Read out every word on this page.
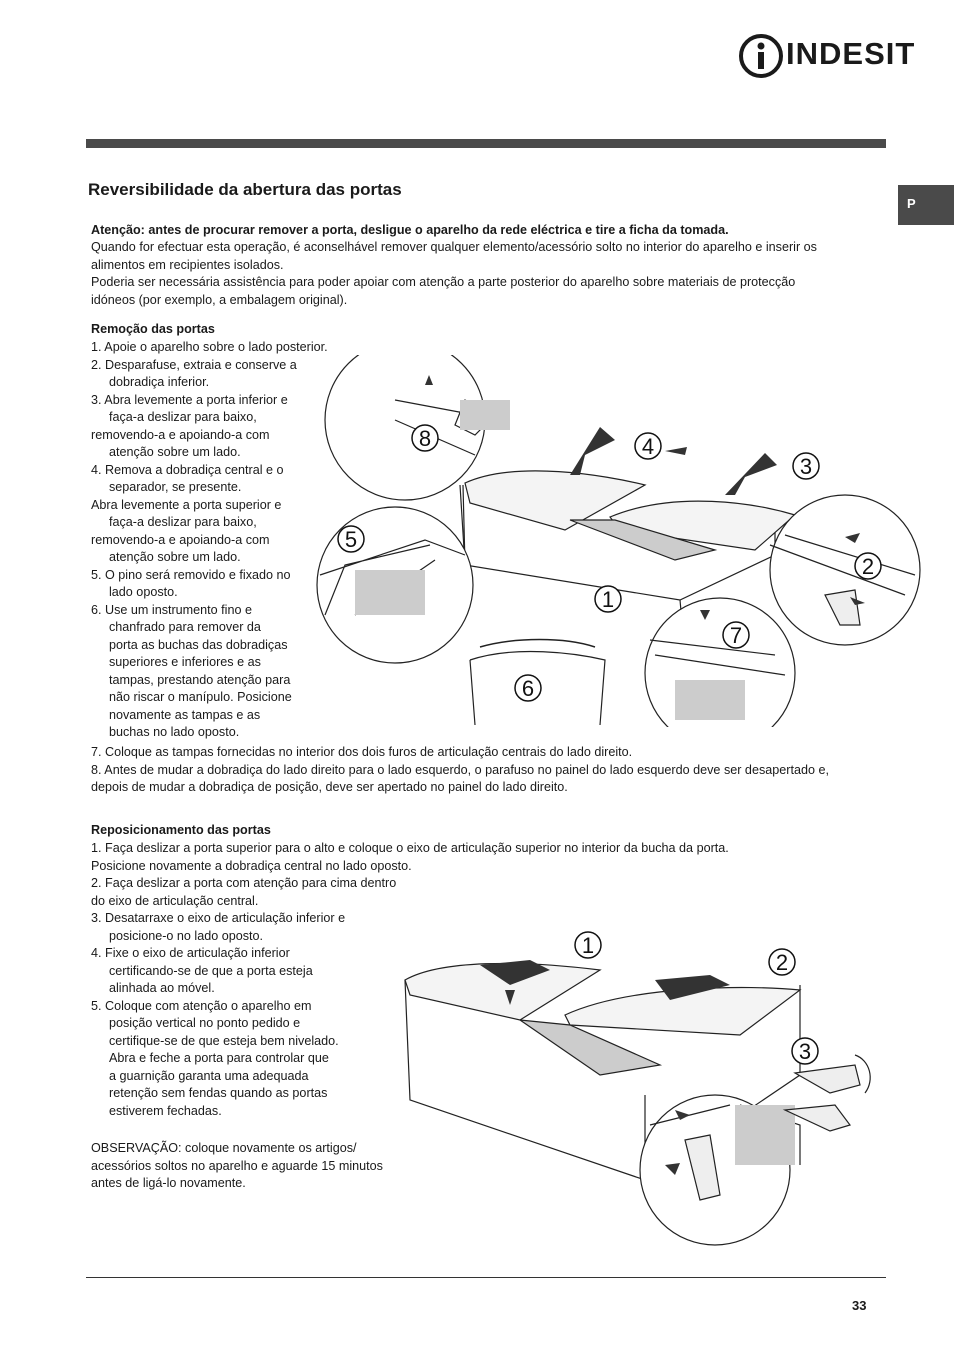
INDESIT
P
Reversibilidade da abertura das portas
Atenção: antes de procurar remover a porta, desligue o aparelho da rede eléctrica e tire a ficha da tomada.
Quando for efectuar esta operação, é aconselhável remover qualquer elemento/acessório solto no interior do aparelho e inserir os
alimentos em recipientes isolados.
Poderia ser necessária assistência para poder apoiar com atenção a parte posterior do aparelho sobre materiais de protecção
idóneos (por exemplo, a embalagem original).
Remoção das portas
1. Apoie o aparelho sobre o lado posterior.
2. Desparafuse, extraia e conserve a
dobradiça inferior.
3. Abra levemente a porta inferior e
faça-a deslizar para baixo,
removendo-a e apoiando-a com
atenção sobre um lado.
4. Remova a dobradiça central e o
separador, se presente.
Abra levemente a porta superior e
faça-a deslizar para baixo,
removendo-a e apoiando-a com
atenção sobre um lado.
5. O pino será removido e fixado no
lado oposto.
6. Use um instrumento fino e
chanfrado para remover da
porta as buchas das dobradiças
superiores e inferiores e as
tampas, prestando atenção para
não riscar o manípulo. Posicione
novamente as tampas e as
buchas no lado oposto.
7. Coloque as tampas fornecidas no interior dos dois furos de articulação centrais do lado direito.
8. Antes de mudar a dobradiça do lado direito para o lado esquerdo, o parafuso no painel do lado esquerdo deve ser desapertado e,
depois de mudar a dobradiça de posição, deve ser apertado no painel do lado direito.
8	4
3
5
2
1
7
6
Reposicionamento das portas
1. Faça deslizar a porta superior para o alto e coloque o eixo de articulação superior no interior da bucha da porta.
Posicione novamente a dobradiça central no lado oposto.
2. Faça deslizar a porta com atenção para cima dentro
do eixo de articulação central.
3. Desatarraxe o eixo de articulação inferior e
posicione-o no lado oposto.
4. Fixe o eixo de articulação inferior
certificando-se de que a porta esteja
alinhada ao móvel.
5. Coloque com atenção o aparelho em
posição vertical no ponto pedido e
certifique-se de que esteja bem nivelado.
Abra e feche a porta para controlar que
a guarnição garanta uma adequada
retenção sem fendas quando as portas
estiverem fechadas.
OBSERVAÇÃO: coloque novamente os artigos/
acessórios soltos no aparelho e aguarde 15 minutos
antes de ligá-lo novamente.
1
2
3
33
